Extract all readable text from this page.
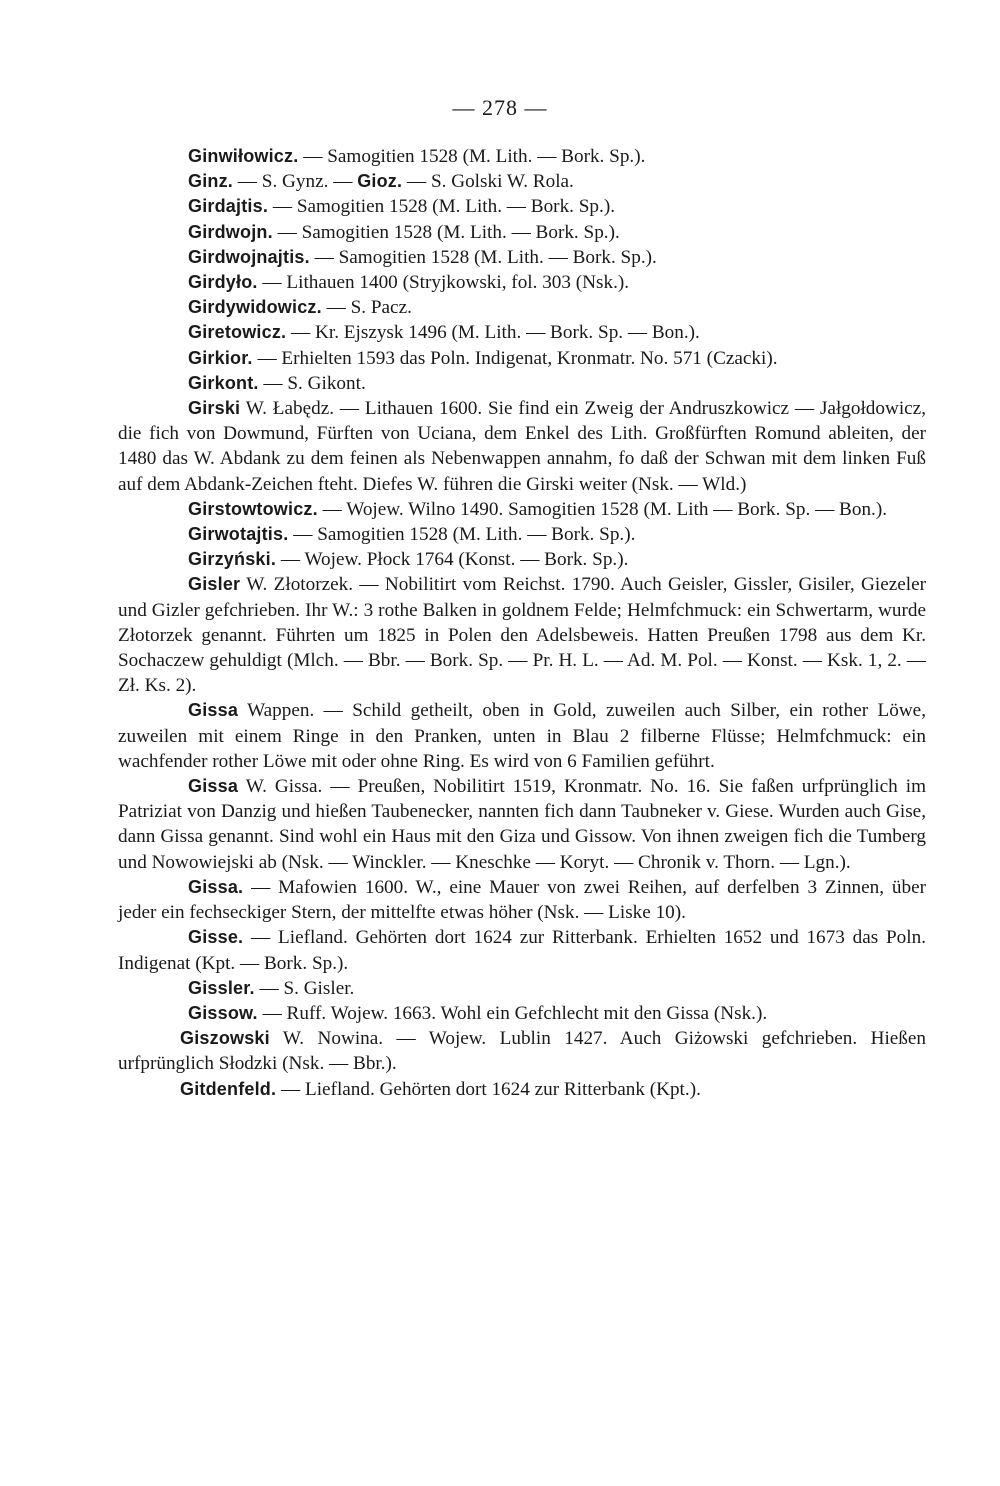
— 278 —

Ginwiłowicz. — Samogitien 1528 (M. Lith. — Bork. Sp.).

Ginz. — S. Gynz. — Gioz. — S. Golski W. Rola.

Girdajtis. — Samogitien 1528 (M. Lith. — Bork. Sp.).

Girdwojn. — Samogitien 1528 (M. Lith. — Bork. Sp.).

Girdwojnajtis. — Samogitien 1528 (M. Lith. — Bork. Sp.).

Girdyło. — Lithauen 1400 (Stryjkowski, fol. 303 (Nsk.).

Girdywidowicz. — S. Pacz.

Giretowicz. — Kr. Ejszysk 1496 (M. Lith. — Bork. Sp. — Bon.).

Girkior. — Erhielten 1593 das Poln. Indigenat, Kronmatr. No. 571 (Czacki).

Girkont. — S. Gikont.

Girski W. Łabędz. — Lithauen 1600. Sie find ein Zweig der Andruszkowicz — Jałgołdowicz, die fich von Dowmund, Fürften von Uciana, dem Enkel des Lith. Großfürften Romund ableiten, der 1480 das W. Abdank zu dem feinen als Nebenwappen annahm, fo daß der Schwan mit dem linken Fuß auf dem Abdank-Zeichen fteht. Diefes W. führen die Girski weiter (Nsk. — Wld.)

Girstowtowicz. — Wojew. Wilno 1490. Samogitien 1528 (M. Lith — Bork. Sp. — Bon.).

Girwotajtis. — Samogitien 1528 (M. Lith. — Bork. Sp.).

Girzyński. — Wojew. Płock 1764 (Konst. — Bork. Sp.).

Gisler W. Złotorzek. — Nobilitirt vom Reichst. 1790. Auch Geisler, Gissler, Gisiler, Giezeler und Gizler gefchrieben. Ihr W.: 3 rothe Balken in goldnem Felde; Helmfchmuck: ein Schwertarm, wurde Złotorzek genannt. Führten um 1825 in Polen den Adelsbeweis. Hatten Preußen 1798 aus dem Kr. Sochaczew gehuldigt (Mlch. — Bbr. — Bork. Sp. — Pr. H. L. — Ad. M. Pol. — Konst. — Ksk. 1, 2. — Zł. Ks. 2).

Gissa Wappen. — Schild getheilt, oben in Gold, zuweilen auch Silber, ein rother Löwe, zuweilen mit einem Ringe in den Pranken, unten in Blau 2 filberne Flüsse; Helmfchmuck: ein wachfender rother Löwe mit oder ohne Ring. Es wird von 6 Familien geführt.

Gissa W. Gissa. — Preußen, Nobilitirt 1519, Kronmatr. No. 16. Sie faßen urfprünglich im Patriziat von Danzig und hießen Taubenecker, nannten fich dann Taubneker v. Giese. Wurden auch Gise, dann Gissa genannt. Sind wohl ein Haus mit den Giza und Gissow. Von ihnen zweigen fich die Tumberg und Nowowiejski ab (Nsk. — Winckler. — Kneschke — Koryt. — Chronik v. Thorn. — Lgn.).

Gissa. — Mafowien 1600. W., eine Mauer von zwei Reihen, auf derfelben 3 Zinnen, über jeder ein fechseckiger Stern, der mittelfte etwas höher (Nsk. — Liske 10).

Gisse. — Liefland. Gehörten dort 1624 zur Ritterbank. Erhielten 1652 und 1673 das Poln. Indigenat (Kpt. — Bork. Sp.).

Gissler. — S. Gisler.

Gissow. — Ruff. Wojew. 1663. Wohl ein Gefchlecht mit den Gissa (Nsk.).

Giszowski W. Nowina. — Wojew. Lublin 1427. Auch Giżowski gefchrieben. Hießen urfprünglich Słodzki (Nsk. — Bbr.).

Gitdenfeld. — Liefland. Gehörten dort 1624 zur Ritterbank (Kpt.).
